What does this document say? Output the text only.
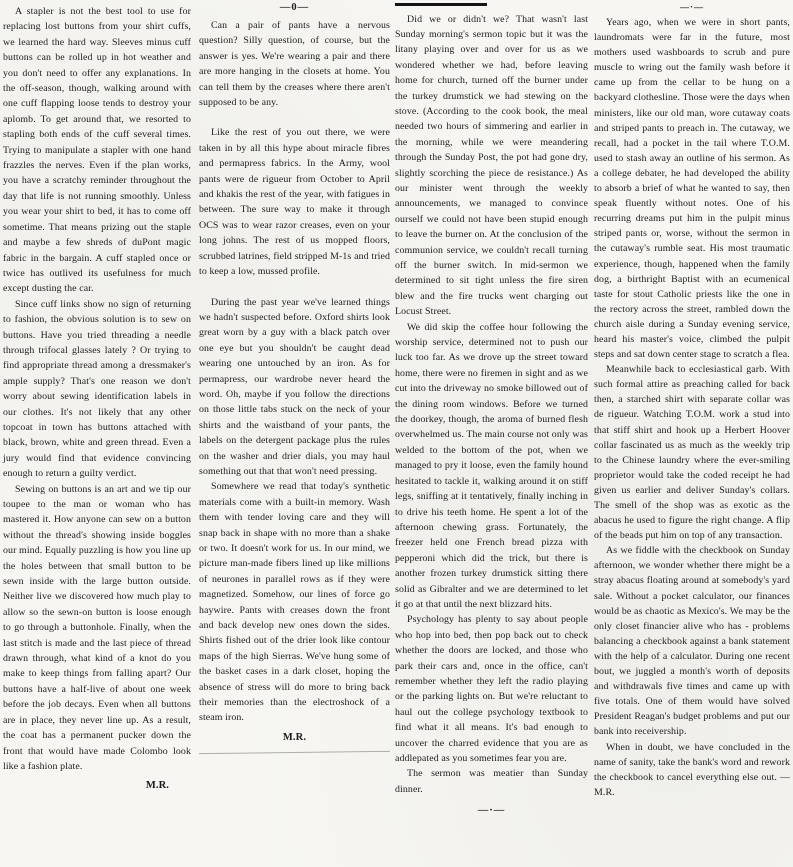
A stapler is not the best tool to use for replacing lost buttons from your shirt cuffs, we learned the hard way. Sleeves minus cuff buttons can be rolled up in hot weather and you don't need to offer any explanations. In the off-season, though, walking around with one cuff flapping loose tends to destroy your aplomb. To get around that, we resorted to stapling both ends of the cuff several times. Trying to manipulate a stapler with one hand frazzles the nerves. Even if the plan works, you have a scratchy reminder throughout the day that life is not running smoothly. Unless you wear your shirt to bed, it has to come off sometime. That means prizing out the staple and maybe a few shreds of duPont magic fabric in the bargain. A cuff stapled once or twice has outlived its usefulness for much except dusting the car.

Since cuff links show no sign of returning to fashion, the obvious solution is to sew on buttons. Have you tried threading a needle through trifocal glasses lately ? Or trying to find appropriate thread among a dressmaker's ample supply? That's one reason we don't worry about sewing identification labels in our clothes. It's not likely that any other topcoat in town has buttons attached with black, brown, white and green thread. Even a jury would find that evidence convincing enough to return a guilty verdict.

Sewing on buttons is an art and we tip our toupee to the man or woman who has mastered it. How anyone can sew on a button without the thread's showing inside boggles our mind. Equally puzzling is how you line up the holes between that small button to be sewn inside with the large button outside. Neither live we discovered how much play to allow so the sewn-on button is loose enough to go through a buttonhole. Finally, when the last stitch is made and the last piece of thread drawn through, what kind of a knot do you make to keep things from falling apart? Our buttons have a half-live of about one week before the job decays. Even when all buttons are in place, they never line up. As a result, the coat has a permanent pucker down the front that would have made Colombo look like a fashion plate.

M.R.
—0—

Can a pair of pants have a nervous question? Silly question, of course, but the answer is yes. We're wearing a pair and there are more hanging in the closets at home. You can tell them by the creases where there aren't supposed to be any.

Like the rest of you out there, we were taken in by all this hype about miracle fibres and permapress fabrics. In the Army, wool pants were de rigueur from October to April and khakis the rest of the year, with fatigues in between. The sure way to make it through OCS was to wear razor creases, even on your long johns. The rest of us mopped floors, scrubbed latrines, field stripped M-1s and tried to keep a low, mussed profile.

During the past year we've learned things we hadn't suspected before. Oxford shirts look great worn by a guy with a black patch over one eye but you shouldn't be caught dead wearing one untouched by an iron. As for permapress, our wardrobe never heard the word. Oh, maybe if you follow the directions on those little tabs stuck on the neck of your shirts and the waistband of your pants, the labels on the detergent package plus the rules on the washer and drier dials, you may haul something out that that won't need pressing.

Somewhere we read that today's synthetic materials come with a built-in memory. Wash them with tender loving care and they will snap back in shape with no more than a shake or two. It doesn't work for us. In our mind, we picture man-made fibers lined up like millions of neurones in parallel rows as if they were magnetized. Somehow, our lines of force go haywire. Pants with creases down the front and back develop new ones down the sides. Shirts fished out of the drier look like contour maps of the high Sierras. We've hung some of the basket cases in a dark closet, hoping the absence of stress will do more to bring back their memories than the electroshock of a steam iron.

M.R.

Did we or didn't we? That wasn't last Sunday morning's sermon topic but it was the litany playing over and over for us as we wondered whether we had, before leaving home for church, turned off the burner under the turkey drumstick we had stewing on the stove. (According to the cook book, the meal needed two hours of simmering and earlier in the morning, while we were meandering through the Sunday Post, the pot had gone dry, slightly scorching the piece de resistance.) As our minister went through the weekly announcements, we managed to convince ourself we could not have been stupid enough to leave the burner on. At the conclusion of the communion service, we couldn't recall turning off the burner switch. In mid-sermon we determined to sit tight unless the fire siren blew and the fire trucks went charging out Locust Street.

We did skip the coffee hour following the worship service, determined not to push our luck too far. As we drove up the street toward home, there were no firemen in sight and as we cut into the driveway no smoke billowed out of the dining room windows. Before we turned the doorkey, though, the aroma of burned flesh overwhelmed us. The main course not only was welded to the bottom of the pot, when we managed to pry it loose, even the family hound hesitated to tackle it, walking around it on stiff legs, sniffing at it tentatively, finally inching in to drive his teeth home. He spent a lot of the afternoon chewing grass. Fortunately, the freezer held one French bread pizza with pepperoni which did the trick, but there is another frozen turkey drumstick sitting there solid as Gibralter and we are determined to let it go at that until the next blizzard hits.

Psychology has plenty to say about people who hop into bed, then pop back out to check whether the doors are locked, and those who park their cars and, once in the office, can't remember whether they left the radio playing or the parking lights on. But we're reluctant to haul out the college psychology textbook to find what it all means. It's bad enough to uncover the charred evidence that you are as addlepated as you sometimes fear you are.

The sermon was meatier than Sunday dinner.

—·—
—·—

Years ago, when we were in short pants, laundromats were far in the future, most mothers used washboards to scrub and pure muscle to wring out the family wash before it came up from the cellar to be hung on a backyard clothesline. Those were the days when ministers, like our old man, wore cutaway coats and striped pants to preach in. The cutaway, we recall, had a pocket in the tail where T.O.M. used to stash away an outline of his sermon. As a college debater, he had developed the ability to absorb a brief of what he wanted to say, then speak fluently without notes. One of his recurring dreams put him in the pulpit minus striped pants or, worse, without the sermon in the cutaway's rumble seat. His most traumatic experience, though, happened when the family dog, a birthright Baptist with an ecumenical taste for stout Catholic priests like the one in the rectory across the street, rambled down the church aisle during a Sunday evening service, heard his master's voice, climbed the pulpit steps and sat down center stage to scratch a flea.

Meanwhile back to ecclesiastical garb. With such formal attire as preaching called for back then, a starched shirt with separate collar was de rigueur. Watching T.O.M. work a stud into that stiff shirt and hook up a Herbert Hoover collar fascinated us as much as the weekly trip to the Chinese laundry where the ever-smiling proprietor would take the coded receipt he had given us earlier and deliver Sunday's collars. The smell of the shop was as exotic as the abacus he used to figure the right change. A flip of the beads put him on top of any transaction.

As we fiddle with the checkbook on Sunday afternoon, we wonder whether there might be a stray abacus floating around at somebody's yard sale. Without a pocket calculator, our finances would be as chaotic as Mexico's. We may be the only closet financier alive who has - problems balancing a checkbook against a bank statement with the help of a calculator. During one recent bout, we juggled a month's worth of deposits and withdrawals five times and came up with five totals. One of them would have solved President Reagan's budget problems and put our bank into receivership.

When in doubt, we have concluded in the name of sanity, take the bank's word and rework the checkbook to cancel everything else out. — M.R.
